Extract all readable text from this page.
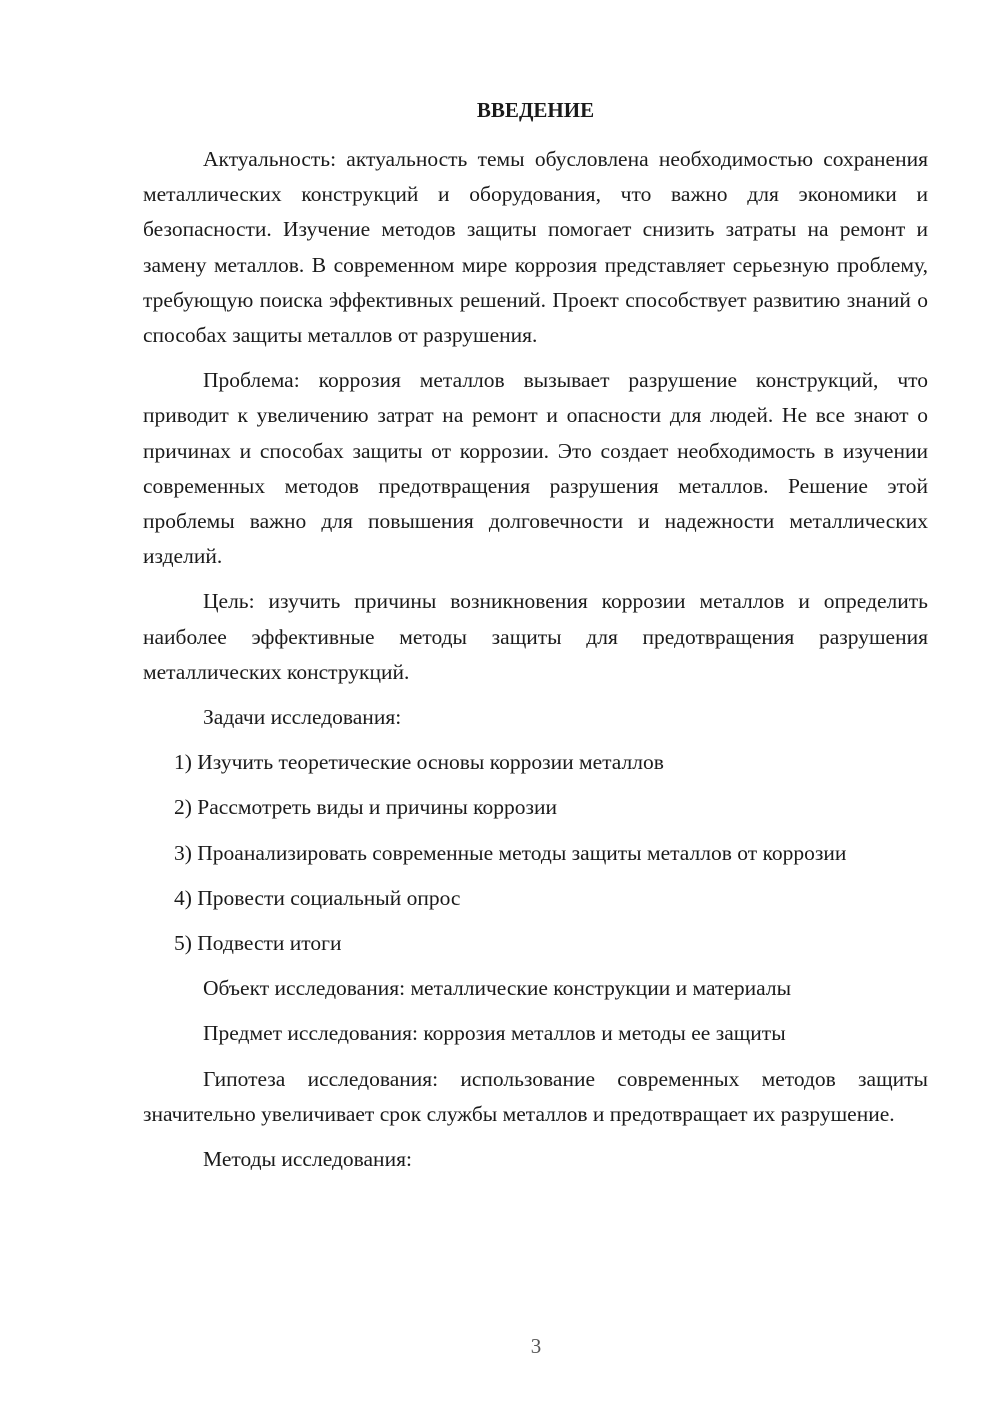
ВВЕДЕНИЕ

Актуальность: актуальность темы обусловлена необходимостью сохранения металлических конструкций и оборудования, что важно для экономики и безопасности. Изучение методов защиты помогает снизить затраты на ремонт и замену металлов. В современном мире коррозия представляет серьезную проблему, требующую поиска эффективных решений. Проект способствует развитию знаний о способах защиты металлов от разрушения.

Проблема: коррозия металлов вызывает разрушение конструкций, что приводит к увеличению затрат на ремонт и опасности для людей. Не все знают о причинах и способах защиты от коррозии. Это создает необходимость в изучении современных методов предотвращения разрушения металлов. Решение этой проблемы важно для повышения долговечности и надежности металлических изделий.

Цель: изучить причины возникновения коррозии металлов и определить наиболее эффективные методы защиты для предотвращения разрушения металлических конструкций.

Задачи исследования:

1) Изучить теоретические основы коррозии металлов

2) Рассмотреть виды и причины коррозии

3) Проанализировать современные методы защиты металлов от коррозии

4) Провести социальный опрос

5) Подвести итоги

Объект исследования: металлические конструкции и материалы

Предмет исследования: коррозия металлов и методы ее защиты

Гипотеза исследования: использование современных методов защиты значительно увеличивает срок службы металлов и предотвращает их разрушение.

Методы исследования:

3
